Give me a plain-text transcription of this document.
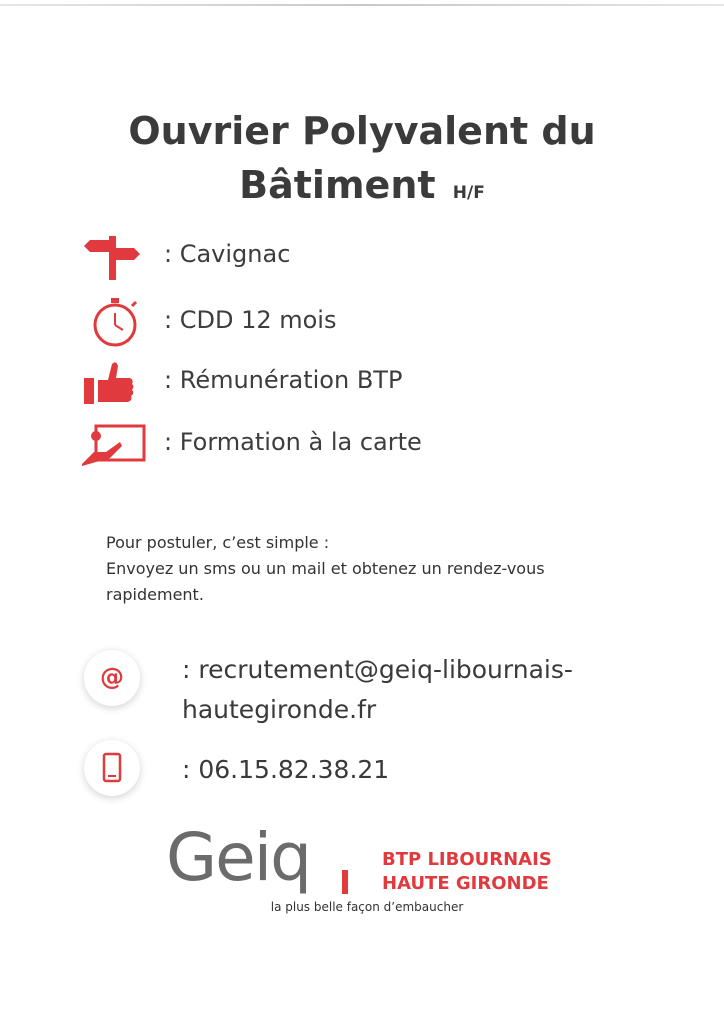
Ouvrier Polyvalent du
Bâtiment H/F
: Cavignac
: CDD 12 mois
: Rémunération BTP
: Formation à la carte
Pour postuler, c’est simple :
Envoyez un sms ou un mail et obtenez un rendez-vous
rapidement.
@ : recrutement@geiq-libournais-
hautegironde.fr
: 06.15.82.38.21
Geiq	BTP LIBOURNAIS
HAUTE GIRONDE
la plus belle façon d’embaucher
